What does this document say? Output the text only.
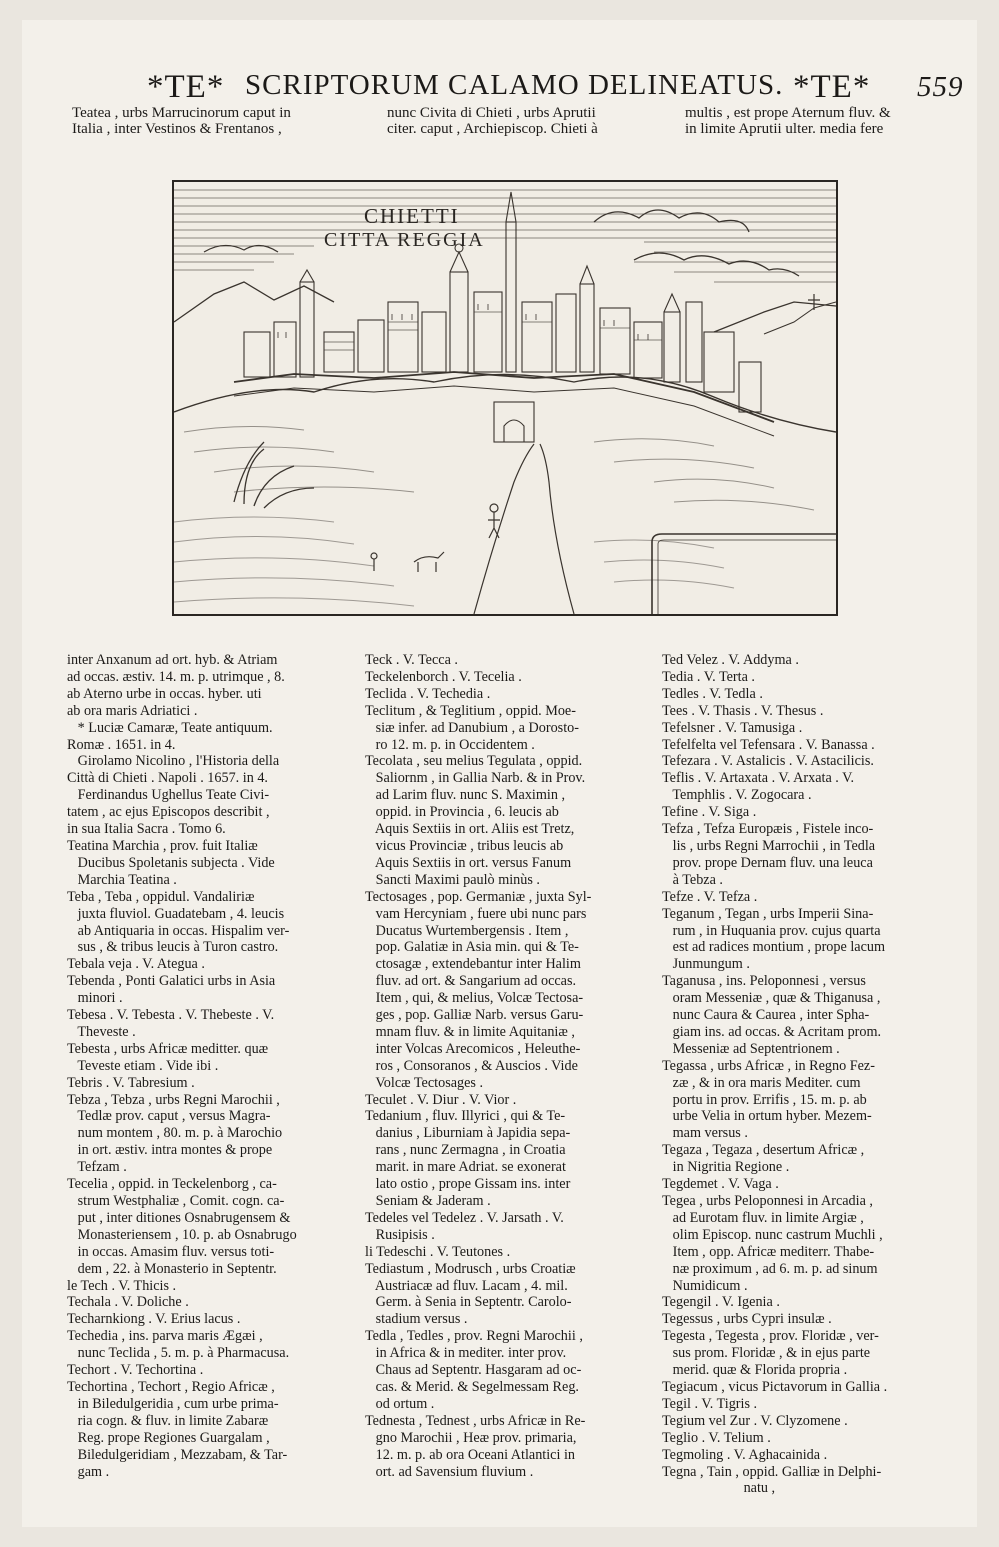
*TE* SCRIPTORUM CALAMO DELINEATUS. *TE* 559
Teatea , urbs Marrucinorum caput in
Italia , inter Vestinos & Frentanos ,
nunc Civita di Chieti , urbs Aprutii
citer. caput , Archiepiscop. Chieti à
multis , est prope Aternum fluv. &
in limite Aprutii ulter. media fere
CHIETTI
CITTA REGGIA
inter Anxanum ad ort. hyb. & Atriam
ad occas. æstiv. 14. m. p. utrimque , 8.
ab Aterno urbe in occas. hyber. uti
ab ora maris Adriatici .
* Luciæ Camaræ, Teate antiquum.
Romæ . 1651. in 4.
Girolamo Nicolino , l'Historia della
Città di Chieti . Napoli . 1657. in 4.
Ferdinandus Ughellus Teate Civi-
tatem , ac ejus Episcopos describit ,
in sua Italia Sacra . Tomo 6.
Teatina Marchia , prov. fuit Italiæ
Ducibus Spoletanis subjecta . Vide
Marchia Teatina .
Teba , Teba , oppidul. Vandaliriæ
juxta fluviol. Guadatebam , 4. leucis
ab Antiquaria in occas. Hispalim ver-
sus , & tribus leucis à Turon castro.
Tebala veja . V. Ategua .
Tebenda , Ponti Galatici urbs in Asia
minori .
Tebesa . V. Tebesta . V. Thebeste . V.
Theveste .
Tebesta , urbs Africæ meditter. quæ
Teveste etiam . Vide ibi .
Tebris . V. Tabresium .
Tebza , Tebza , urbs Regni Marochii ,
Tedlæ prov. caput , versus Magra-
num montem , 80. m. p. à Marochio
in ort. æstiv. intra montes & prope
Tefzam .
Tecelia , oppid. in Teckelenborg , ca-
strum Westphaliæ , Comit. cogn. ca-
put , inter ditiones Osnabrugensem &
Monasteriensem , 10. p. ab Osnabrugo
in occas. Amasim fluv. versus toti-
dem , 22. à Monasterio in Septentr.
le Tech . V. Thicis .
Techala . V. Doliche .
Techarnkiong . V. Erius lacus .
Techedia , ins. parva maris Ægæi ,
nunc Teclida , 5. m. p. à Pharmacusa.
Techort . V. Techortina .
Techortina , Techort , Regio Africæ ,
in Biledulgeridia , cum urbe prima-
ria cogn. & fluv. in limite Zabaræ
Reg. prope Regiones Guargalam ,
Biledulgeridiam , Mezzabam, & Tar-
gam .
Teck . V. Tecca .
Teckelenborch . V. Tecelia .
Teclida . V. Techedia .
Teclitum , & Teglitium , oppid. Moe-
siæ infer. ad Danubium , a Dorosto-
ro 12. m. p. in Occidentem .
Tecolata , seu melius Tegulata , oppid.
Saliornm , in Gallia Narb. & in Prov.
ad Larim fluv. nunc S. Maximin ,
oppid. in Provincia , 6. leucis ab
Aquis Sextiis in ort. Aliis est Tretz,
vicus Provinciæ , tribus leucis ab
Aquis Sextiis in ort. versus Fanum
Sancti Maximi paulò minùs .
Tectosages , pop. Germaniæ , juxta Syl-
vam Hercyniam , fuere ubi nunc pars
Ducatus Wurtembergensis . Item ,
pop. Galatiæ in Asia min. qui & Te-
ctosagæ , extendebantur inter Halim
fluv. ad ort. & Sangarium ad occas.
Item , qui, & melius, Volcæ Tectosa-
ges , pop. Galliæ Narb. versus Garu-
mnam fluv. & in limite Aquitaniæ ,
inter Volcas Arecomicos , Heleuthe-
ros , Consoranos , & Auscios . Vide
Volcæ Tectosages .
Teculet . V. Diur . V. Vior .
Tedanium , fluv. Illyrici , qui & Te-
danius , Liburniam à Japidia sepa-
rans , nunc Zermagna , in Croatia
marit. in mare Adriat. se exonerat
lato ostio , prope Gissam ins. inter
Seniam & Jaderam .
Tedeles vel Tedelez . V. Jarsath . V.
Rusipisis .
li Tedeschi . V. Teutones .
Tediastum , Modrusch , urbs Croatiæ
Austriacæ ad fluv. Lacam , 4. mil.
Germ. à Senia in Septentr. Carolo-
stadium versus .
Tedla , Tedles , prov. Regni Marochii ,
in Africa & in mediter. inter prov.
Chaus ad Septentr. Hasgaram ad oc-
cas. & Merid. & Segelmessam Reg.
od ortum .
Tednesta , Tednest , urbs Africæ in Re-
gno Marochii , Heæ prov. primaria,
12. m. p. ab ora Oceani Atlantici in
ort. ad Savensium fluvium .
Ted Velez . V. Addyma .
Tedia . V. Terta .
Tedles . V. Tedla .
Tees . V. Thasis . V. Thesus .
Tefelsner . V. Tamusiga .
Tefelfelta vel Tefensara . V. Banassa .
Tefezara . V. Astalicis . V. Astacilicis.
Teflis . V. Artaxata . V. Arxata . V.
Temphlis . V. Zogocara .
Tefine . V. Siga .
Tefza , Tefza Europæis , Fistele inco-
lis , urbs Regni Marrochii , in Tedla
prov. prope Dernam fluv. una leuca
à Tebza .
Tefze . V. Tefza .
Teganum , Tegan , urbs Imperii Sina-
rum , in Huquania prov. cujus quarta
est ad radices montium , prope lacum
Junmungum .
Taganusa , ins. Peloponnesi , versus
oram Messeniæ , quæ & Thiganusa ,
nunc Caura & Caurea , inter Spha-
giam ins. ad occas. & Acritam prom.
Messeniæ ad Septentrionem .
Tegassa , urbs Africæ , in Regno Fez-
zæ , & in ora maris Mediter. cum
portu in prov. Errifis , 15. m. p. ab
urbe Velia in ortum hyber. Mezem-
mam versus .
Tegaza , Tegaza , desertum Africæ ,
in Nigritia Regione .
Tegdemet . V. Vaga .
Tegea , urbs Peloponnesi in Arcadia ,
ad Eurotam fluv. in limite Argiæ ,
olim Episcop. nunc castrum Muchli ,
Item , opp. Africæ mediterr. Thabe-
næ proximum , ad 6. m. p. ad sinum
Numidicum .
Tegengil . V. Igenia .
Tegessus , urbs Cypri insulæ .
Tegesta , Tegesta , prov. Floridæ , ver-
sus prom. Floridæ , & in ejus parte
merid. quæ & Florida propria .
Tegiacum , vicus Pictavorum in Gallia .
Tegil . V. Tigris .
Tegium vel Zur . V. Clyzomene .
Teglio . V. Telium .
Tegmoling . V. Aghacainida .
Tegna , Tain , oppid. Galliæ in Delphi-
natu ,
